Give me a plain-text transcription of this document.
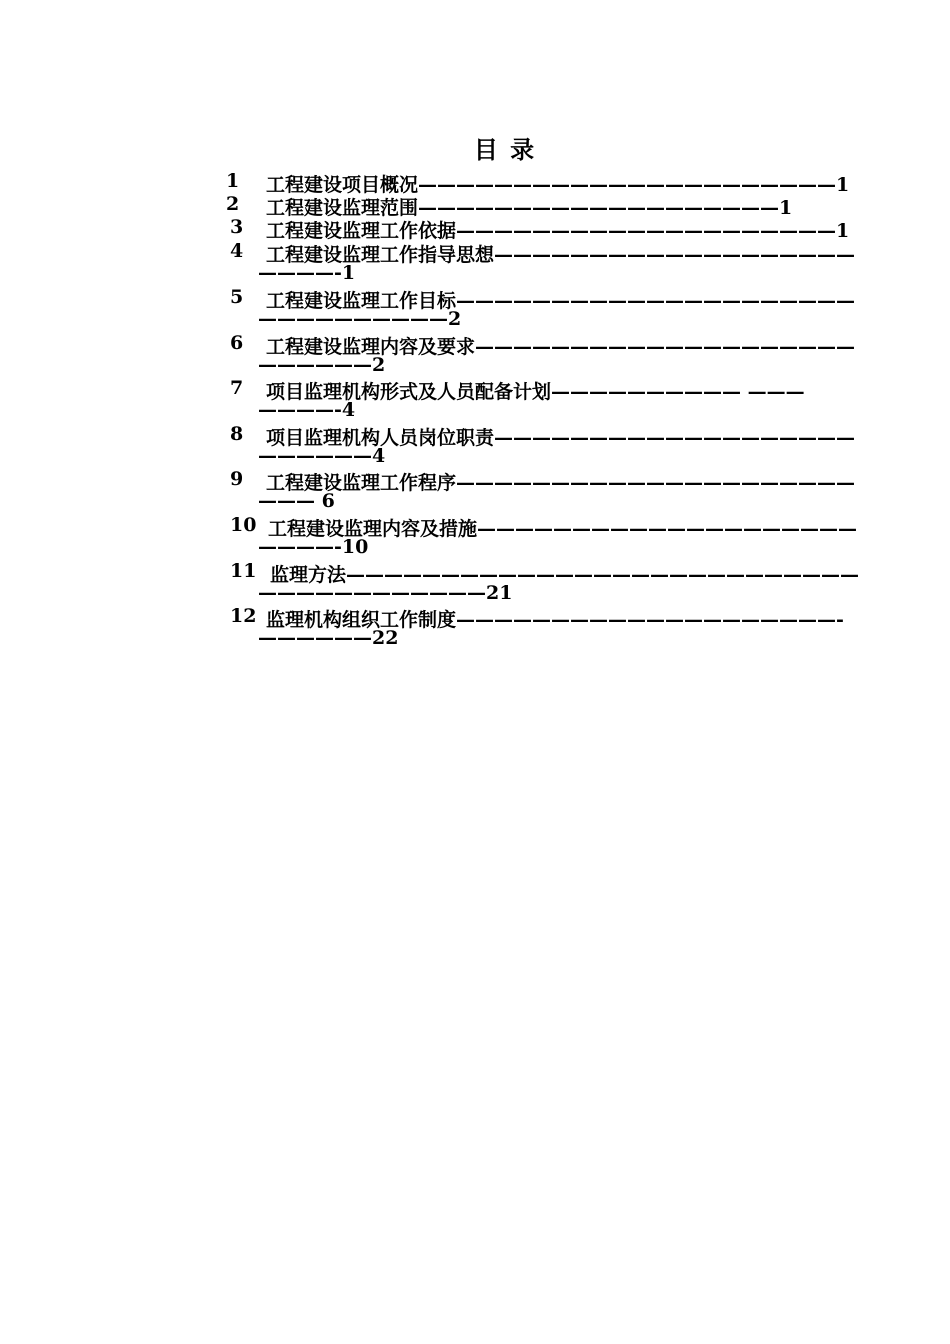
目 录
1 工程建设项目概况——————————————————————1
2 工程建设监理范围———————————————————1
3 工程建设监理工作依据————————————————————1
4 工程建设监理工作指导思想———————————————————
————-1
5 工程建设监理工作目标—————————————————————
——————————2
6 工程建设监理内容及要求————————————————————
——————2
7 项目监理机构形式及人员配备计划—————————— ———
————-4
8 项目监理机构人员岗位职责———————————————————
——————4
9 工程建设监理工作程序—————————————————————
——— 6
10 工程建设监理内容及措施————————————————————
————-10
11 监理方法———————————————————————————
————————————21
12 监理机构组织工作制度————————————————————-
——————22
